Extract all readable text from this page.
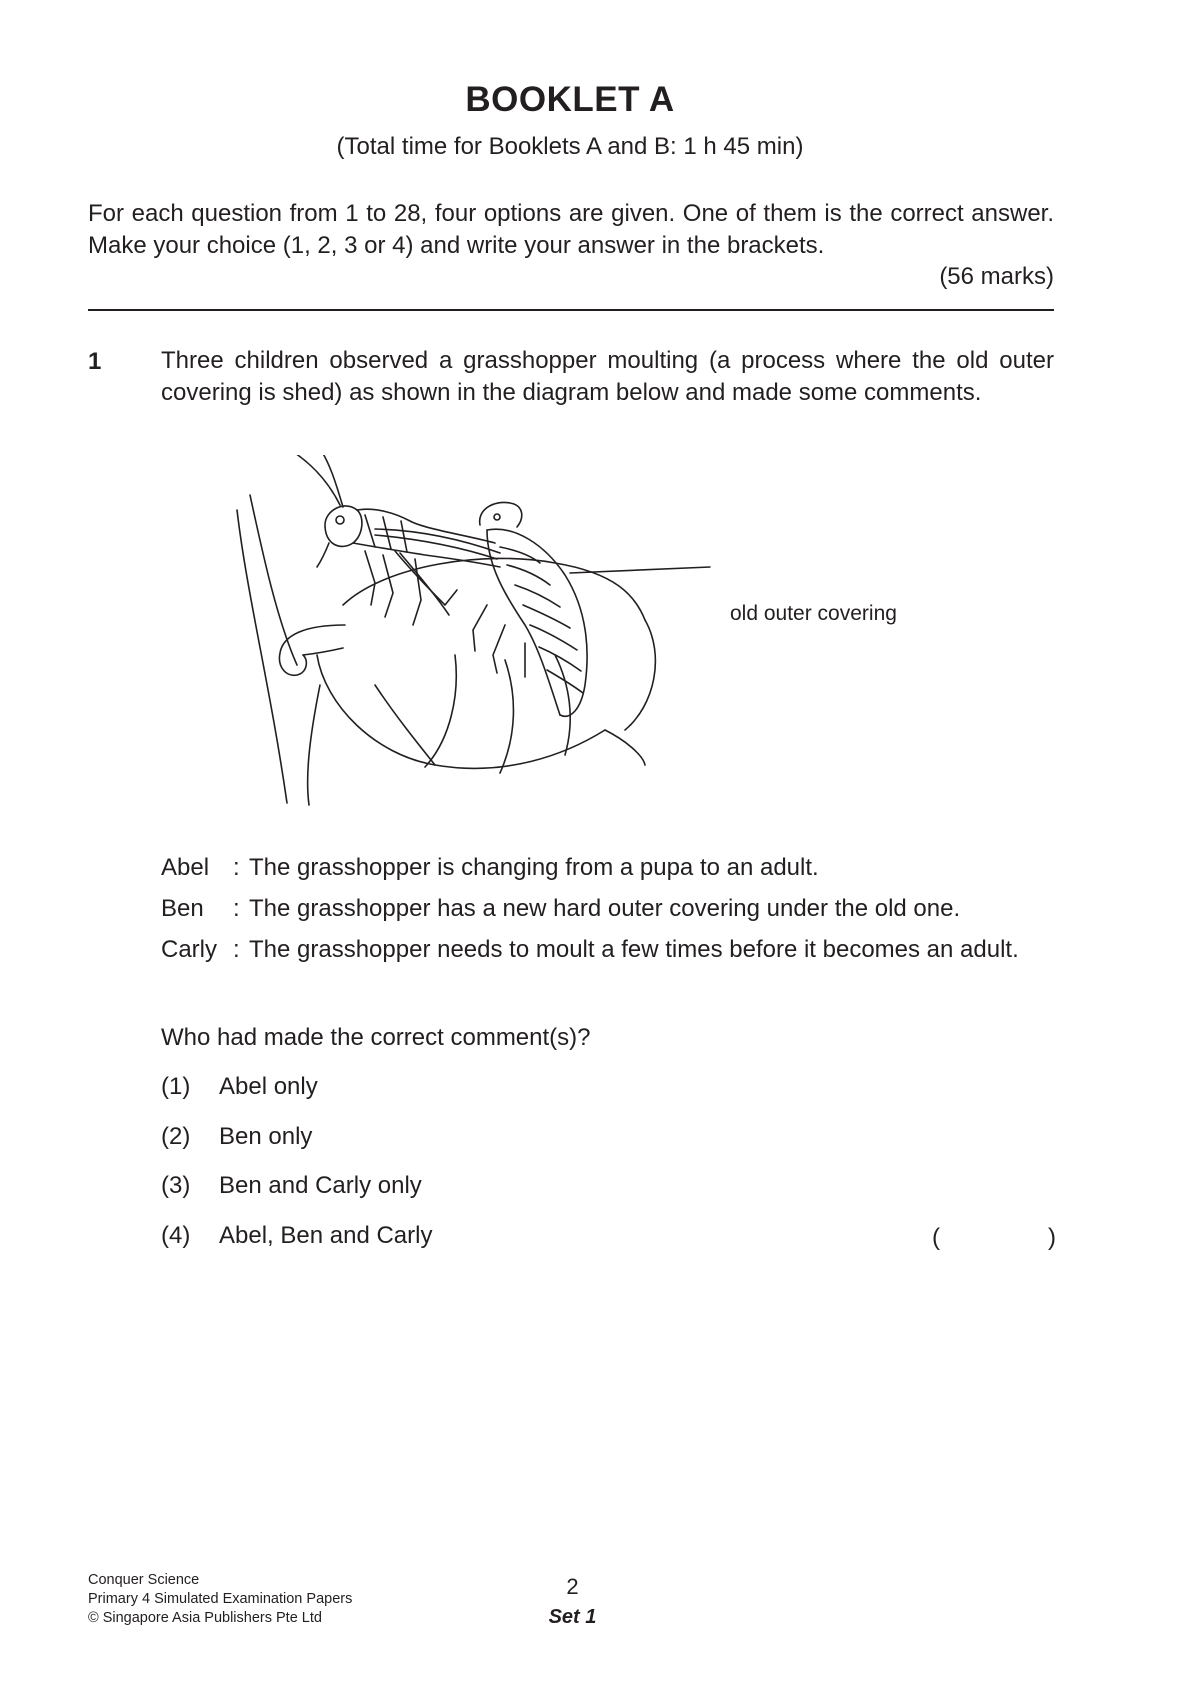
BOOKLET A
(Total time for Booklets A and B: 1 h 45 min)
For each question from 1 to 28, four options are given. One of them is the correct answer. Make your choice (1, 2, 3 or 4) and write your answer in the brackets.
(56 marks)
1 Three children observed a grasshopper moulting (a process where the old outer covering is shed) as shown in the diagram below and made some comments.
old outer covering
Abel : The grasshopper is changing from a pupa to an adult.
Ben	: The grasshopper has a new hard outer covering under the old one.
Carly : The grasshopper needs to moult a few times before it becomes an adult.
Who had made the correct comment(s)?
(1)	Abel only
(2)	Ben only
(3)	Ben and Carly only
(4)	Abel, Ben and Carly	(	)
Conquer Science
Primary 4 Simulated Examination Papers
© Singapore Asia Publishers Pte Ltd
2
Set 1
